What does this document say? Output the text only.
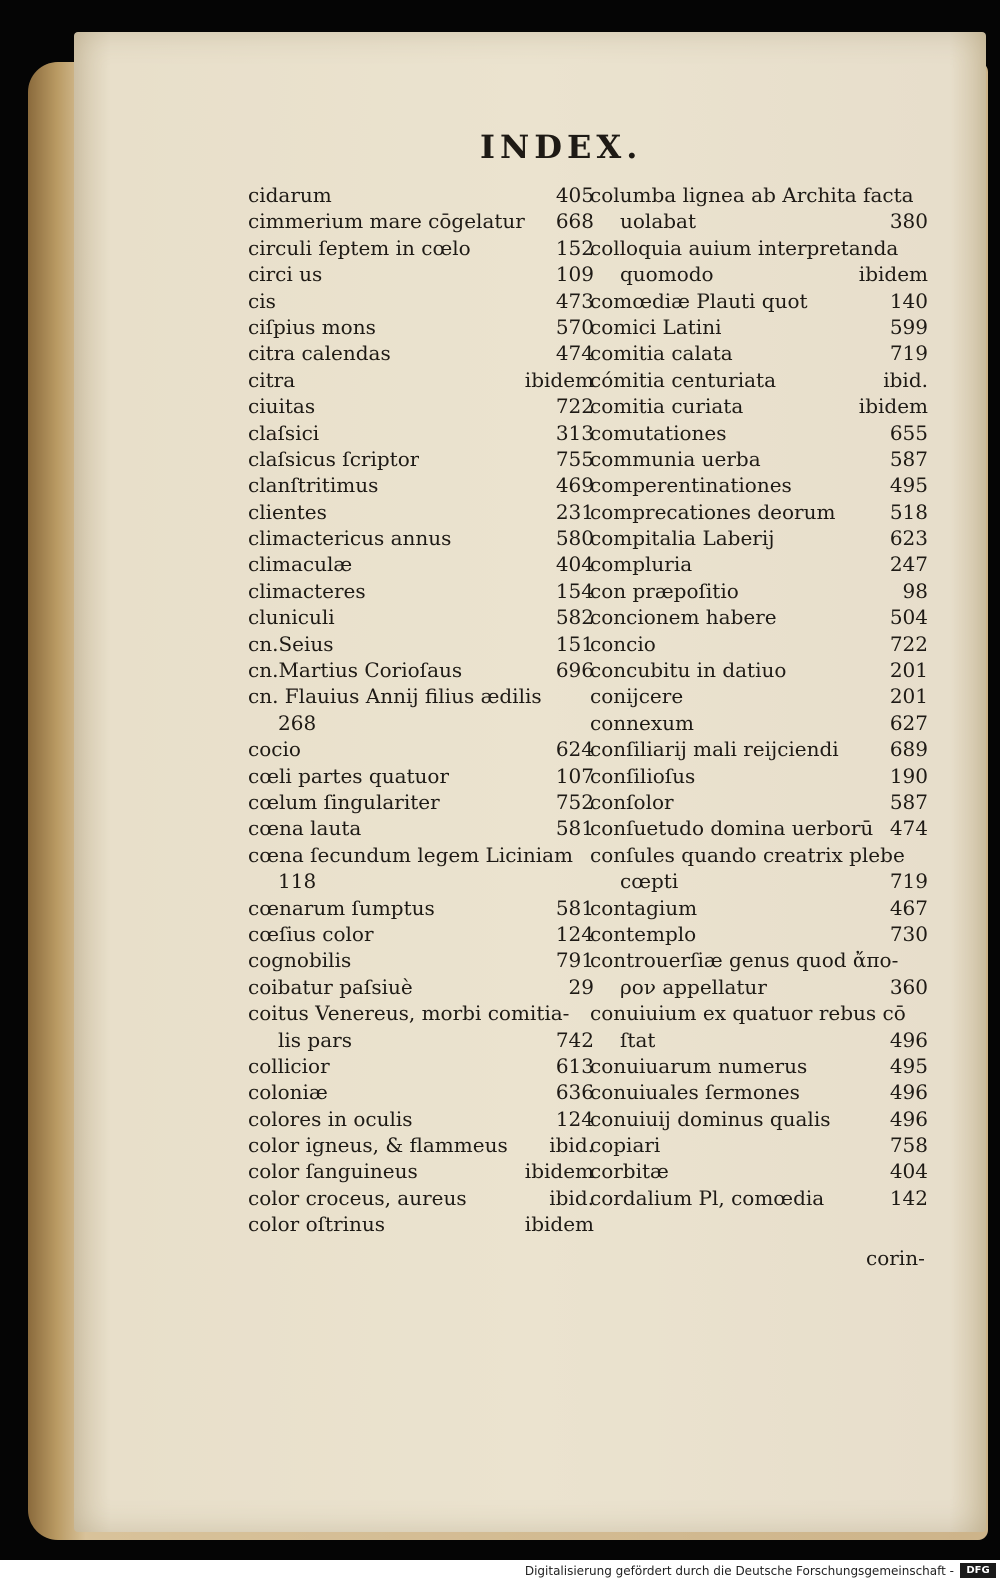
INDEX.
cidarum	405
cimmerium mare cōgelatur	668
circuli ſeptem in cœlo	152
circi us	109
cis	473
ciſpius mons	570
citra calendas	474
citra	ibidem
ciuitas	722
claſsici	313
claſsicus ſcriptor	755
clanſtritimus	469
clientes	231
climactericus annus	580
climaculæ	404
climacteres	154
cluniculi	582
cn.Seius	151
cn.Martius Corioſaus	696
cn. Flauius Annij filius ædilis
268
cocio	624
cœli partes quatuor	107
cœlum ſingulariter	752
cœna lauta	581
cœna ſecundum legem Liciniam
118
cœnarum ſumptus	581
cœſius color	124
cognobilis	791
coibatur paſsiuè	29
coitus Venereus, morbi comitia-
lis pars	742
collicior	613
coloniæ	636
colores in oculis	124
color igneus, & flammeus	ibid.
color ſanguineus	ibidem
color croceus, aureus	ibid.
color oſtrinus	ibidem
columba lignea ab Archita facta
uolabat	380
colloquia auium interpretanda
quomodo	ibidem
comœdiæ Plauti quot	140
comici Latini	599
comitia calata	719
cómitia centuriata	ibid.
comitia curiata	ibidem
comutationes	655
communia uerba	587
comperentinationes	495
comprecationes deorum	518
compitalia Laberij	623
compluria	247
con præpoſitio	98
concionem habere	504
concio	722
concubitu in datiuo	201
conijcere	201
connexum	627
conſiliarij mali reijciendi	689
conſilioſus	190
conſolor	587
conſuetudo domina uerborū 474
conſules quando creatrix plebe
cœpti	719
contagium	467
contemplo	730
controuerſiæ genus quod ἄπο-
ρον appellatur	360
conuiuium ex quatuor rebus cō
ſtat	496
conuiuarum numerus	495
conuiuales ſermones	496
conuiuij dominus qualis	496
copiari	758
corbitæ	404
cordalium Pl, comœdia	142
corin-
Digitalisierung gefördert durch die Deutsche Forschungsgemeinschaft -	DFG
